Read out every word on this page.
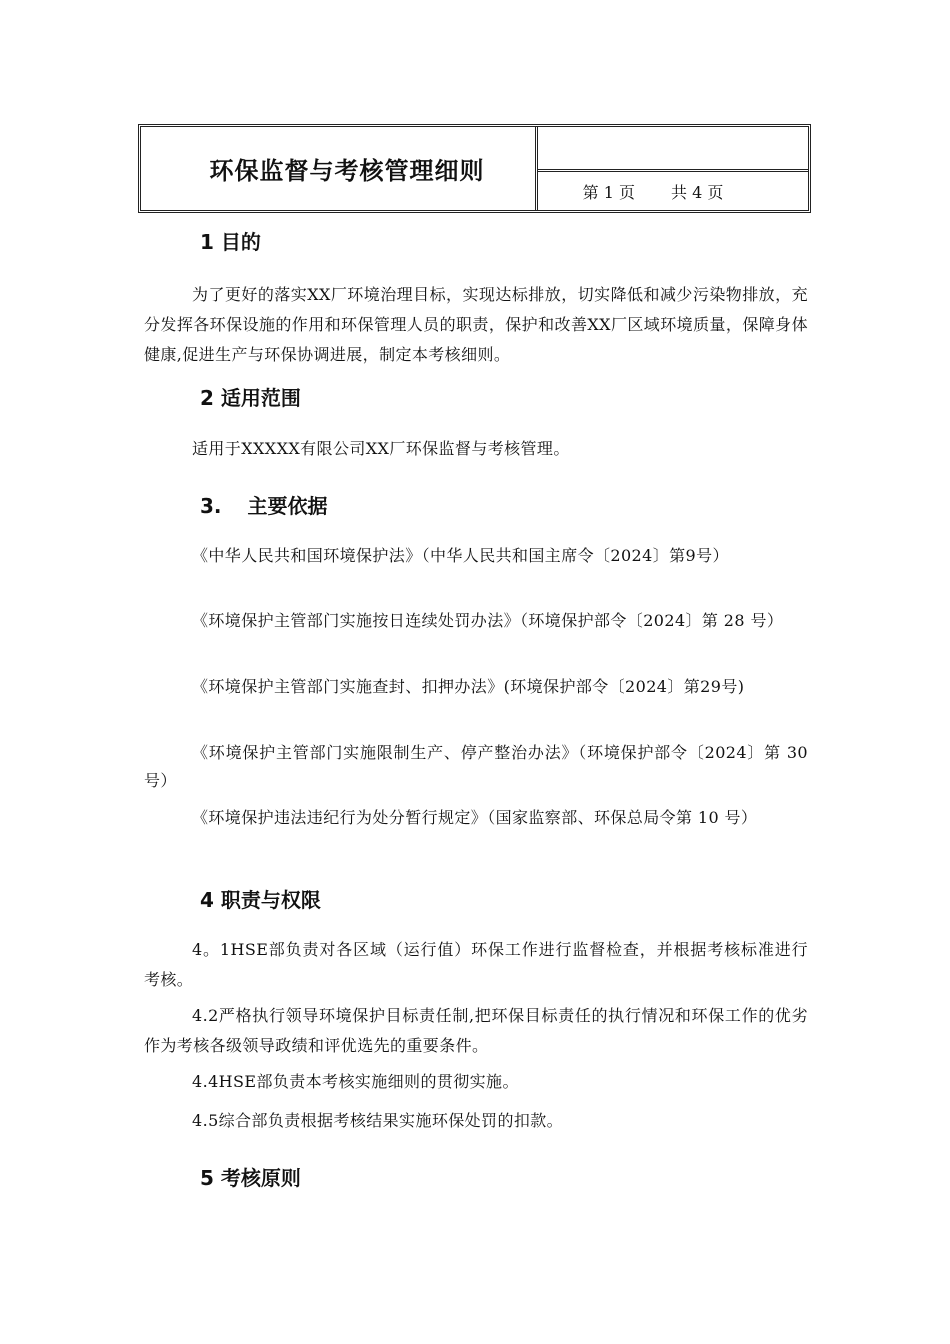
环保监督与考核管理细则
第 1 页 共 4 页
1 目的
为了更好的落实XX厂环境治理目标，实现达标排放，切实降低和减少污染物排放，充分发挥各环保设施的作用和环保管理人员的职责，保护和改善XX厂区域环境质量，保障身体健康,促进生产与环保协调进展，制定本考核细则。
2 适用范围
适用于XXXXX有限公司XX厂环保监督与考核管理。
3. 主要依据
《中华人民共和国环境保护法》（中华人民共和国主席令〔2024〕第9号）
《环境保护主管部门实施按日连续处罚办法》（环境保护部令〔2024〕第 28 号）
《环境保护主管部门实施查封、扣押办法》(环境保护部令〔2024〕第29号)
《环境保护主管部门实施限制生产、停产整治办法》（环境保护部令〔2024〕第 30 号）
《环境保护违法违纪行为处分暂行规定》（国家监察部、环保总局令第 10 号）
4 职责与权限
4。1HSE部负责对各区域（运行值）环保工作进行监督检查，并根据考核标准进行考核。
4.2严格执行领导环境保护目标责任制,把环保目标责任的执行情况和环保工作的优劣作为考核各级领导政绩和评优选先的重要条件。
4.4HSE部负责本考核实施细则的贯彻实施。
4.5综合部负责根据考核结果实施环保处罚的扣款。
5 考核原则
